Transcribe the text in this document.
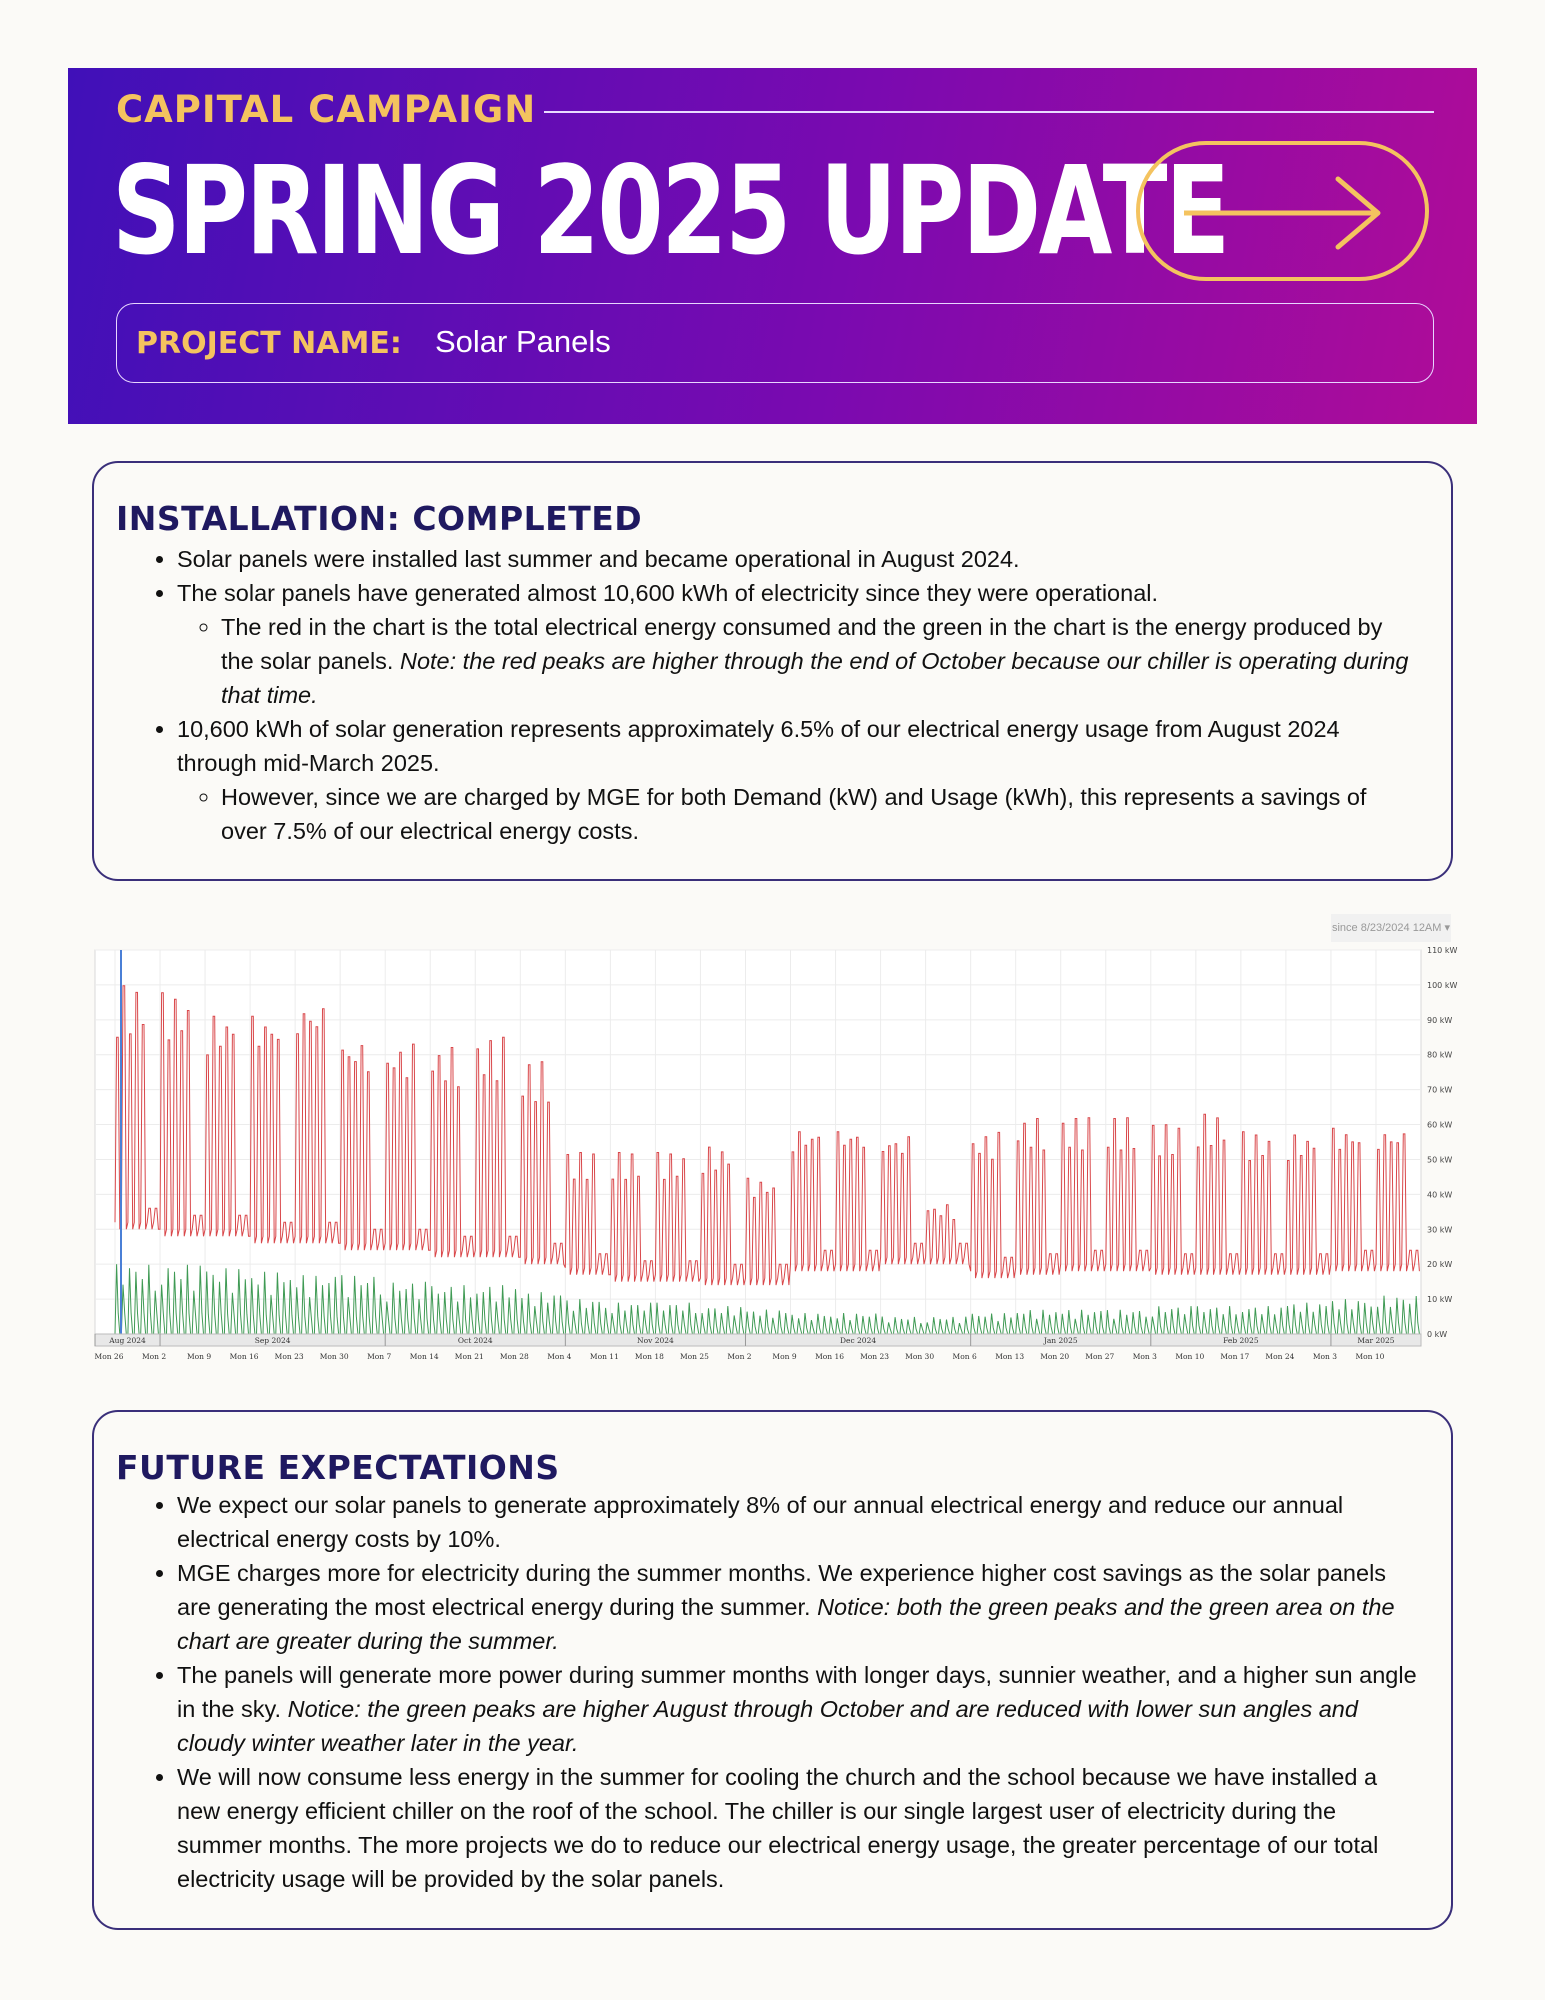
CAPITAL CAMPAIGN
SPRING 2025 UPDATE
PROJECT NAME: Solar Panels
INSTALLATION: COMPLETED
• Solar panels were installed last summer and became operational in August 2024.
• The solar panels have generated almost 10,600 kWh of electricity since they were operational.
◦ The red in the chart is the total electrical energy consumed and the green in the chart is the energy produced by the solar panels. Note: the red peaks are higher through the end of October because our chiller is operating during that time.
• 10,600 kWh of solar generation represents approximately 6.5% of our electrical energy usage from August 2024 through mid-March 2025.
◦ However, since we are charged by MGE for both Demand (kW) and Usage (kWh), this represents a savings of over 7.5% of our electrical energy costs.
since 8/23/2024 12AM ▾
110 kW
100 kW
90 kW
80 kW
70 kW
60 kW
50 kW
40 kW
30 kW
20 kW
10 kW
0 kW
Aug 2024	Sep 2024	Oct 2024	Nov 2024	Dec 2024	Jan 2025	Feb 2025	Mar 2025
Mon 26 Mon 2	Mon 9 Mon 16 Mon 23 Mon 30 Mon 7 Mon 14 Mon 21 Mon 28 Mon 4 Mon 11 Mon 18 Mon 25 Mon 2	Mon 9 Mon 16 Mon 23 Mon 30 Mon 6 Mon 13 Mon 20 Mon 27 Mon 3 Mon 10 Mon 17 Mon 24 Mon 3 Mon 10
FUTURE EXPECTATIONS
• We expect our solar panels to generate approximately 8% of our annual electrical energy and reduce our annual electrical energy costs by 10%.
• MGE charges more for electricity during the summer months. We experience higher cost savings as the solar panels are generating the most electrical energy during the summer. Notice: both the green peaks and the green area on the chart are greater during the summer.
• The panels will generate more power during summer months with longer days, sunnier weather, and a higher sun angle in the sky. Notice: the green peaks are higher August through October and are reduced with lower sun angles and cloudy winter weather later in the year.
• We will now consume less energy in the summer for cooling the church and the school because we have installed a new energy efficient chiller on the roof of the school. The chiller is our single largest user of electricity during the summer months. The more projects we do to reduce our electrical energy usage, the greater percentage of our total electricity usage will be provided by the solar panels.
